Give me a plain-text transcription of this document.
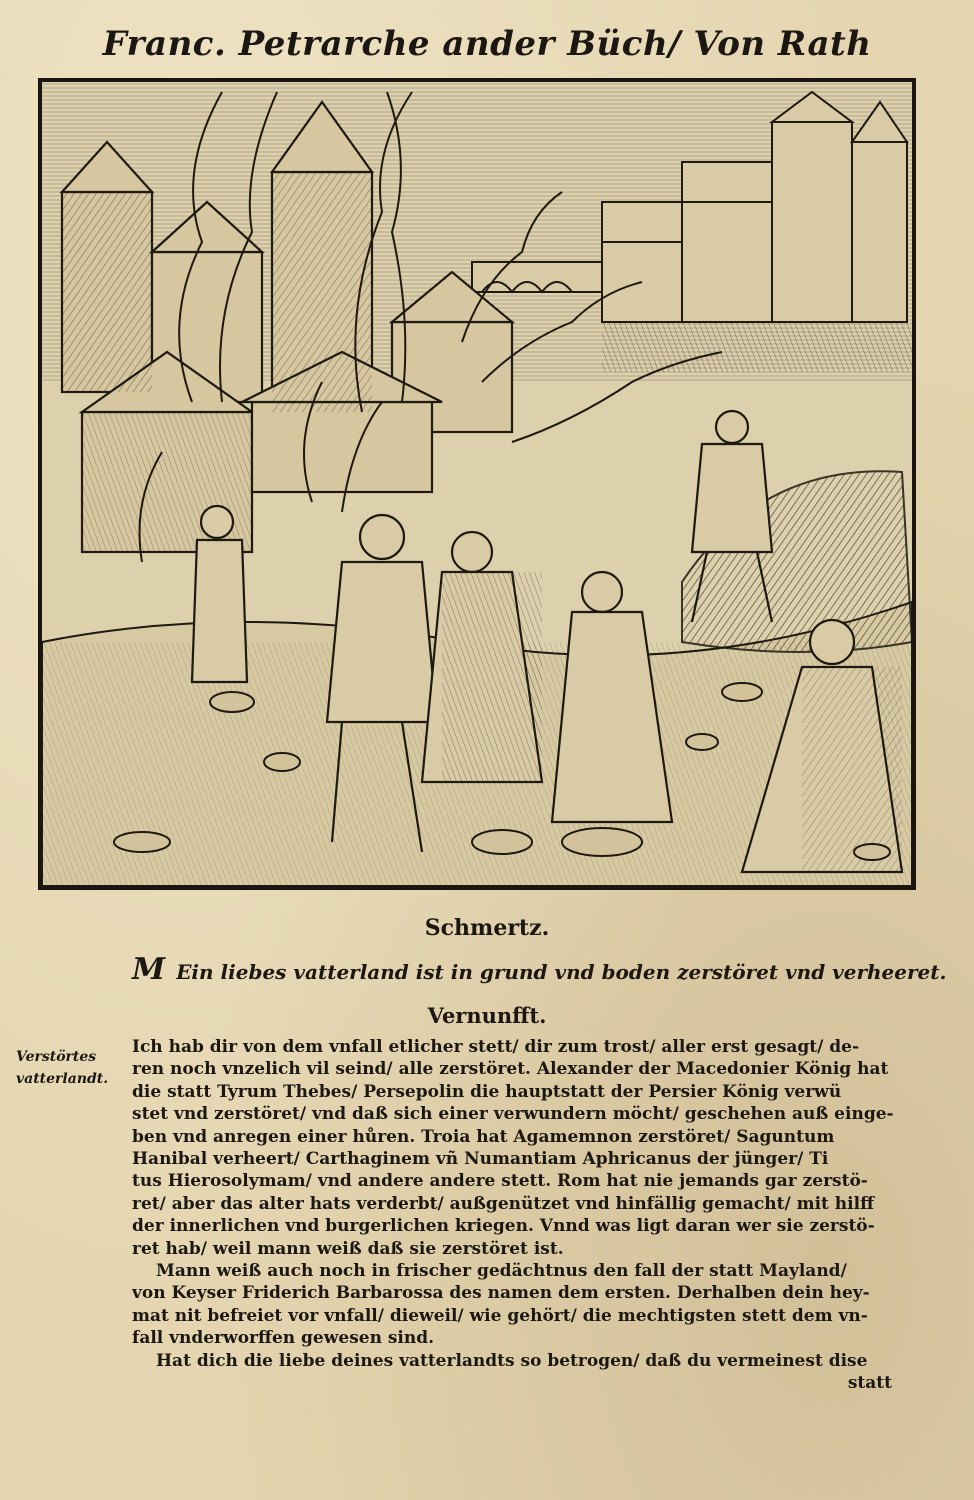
Franc. Petrarche ander Büch/ Von Rath
Schmertz.
M Ein liebes vatterland ist in grund vnd boden zerstöret vnd verheeret.
Vernunfft.
Verstörtes
vatterlandt.
Ich hab dir von dem vnfall etlicher stett/ dir zum trost/ aller erst gesagt/ de-
ren noch vnzelich vil seind/ alle zerstöret. Alexander der Macedonier König hat
die statt Tyrum Thebes/ Persepolin die hauptstatt der Persier König verwü
stet vnd zerstöret/ vnd daß sich einer verwundern möcht/ geschehen auß einge-
ben vnd anregen einer hůren. Troia hat Agamemnon zerstöret/ Saguntum
Hanibal verheert/ Carthaginem vñ Numantiam Aphricanus der jünger/ Ti
tus Hierosolymam/ vnd andere andere stett. Rom hat nie jemands gar zerstö-
ret/ aber das alter hats verderbt/ außgenützet vnd hinfällig gemacht/ mit hilff
der innerlichen vnd burgerlichen kriegen. Vnnd was ligt daran wer sie zerstö-
ret hab/ weil mann weiß daß sie zerstöret ist.
Mann weiß auch noch in frischer gedächtnus den fall der statt Mayland/
von Keyser Friderich Barbarossa des namen dem ersten. Derhalben dein hey-
mat nit befreiet vor vnfall/ dieweil/ wie gehört/ die mechtigsten stett dem vn-
fall vnderworffen gewesen sind.
Hat dich die liebe deines vatterlandts so betrogen/ daß du vermeinest dise
statt
